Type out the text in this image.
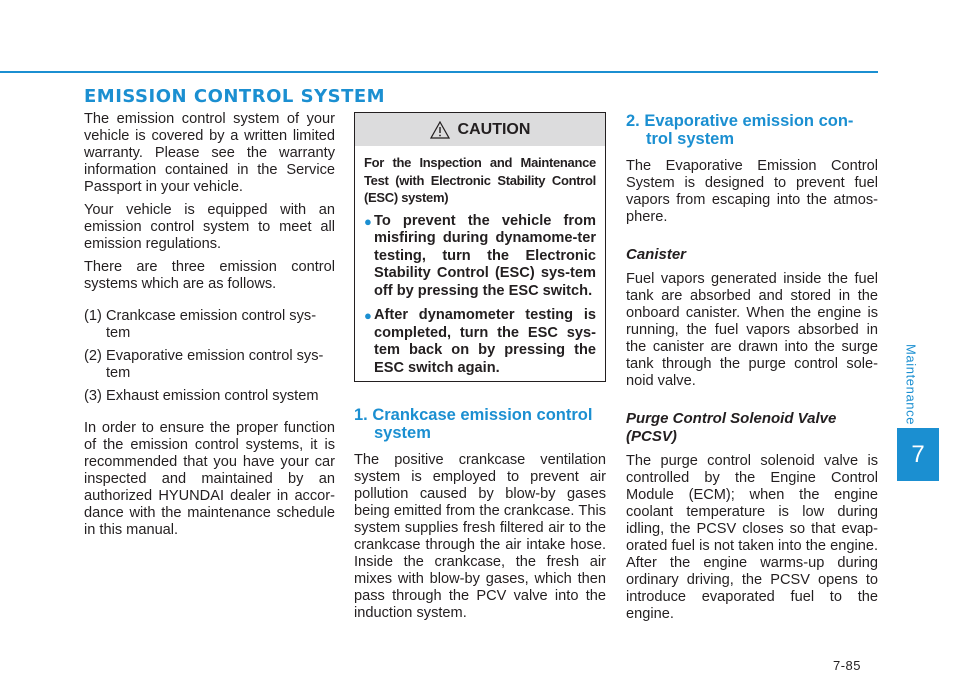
EMISSION CONTROL SYSTEM

The emission control system of your vehicle is covered by a written limited warranty. Please see the warranty information contained in the Service Passport in your vehicle.

Your vehicle is equipped with an emission control system to meet all emission regulations.

There are three emission control systems which are as follows.

(1) Crankcase emission control sys-tem
(2) Evaporative emission control sys-tem
(3) Exhaust emission control system

In order to ensure the proper function of the emission control systems, it is recommended that you have your car inspected and maintained by an authorized HYUNDAI dealer in accor-dance with the maintenance schedule in this manual.

CAUTION

For the Inspection and Maintenance Test (with Electronic Stability Control (ESC) system)

● To prevent the vehicle from misfiring during dynamome-ter testing, turn the Electronic Stability Control (ESC) sys-tem off by pressing the ESC switch.
● After dynamometer testing is completed, turn the ESC sys-tem back on by pressing the ESC switch again.
1. Crankcase emission control system

The positive crankcase ventilation system is employed to prevent air pollution caused by blow-by gases being emitted from the crankcase. This system supplies fresh filtered air to the crankcase through the air intake hose. Inside the crankcase, the fresh air mixes with blow-by gases, which then pass through the PCV valve into the induction system.

2. Evaporative emission con-trol system

The Evaporative Emission Control System is designed to prevent fuel vapors from escaping into the atmos-phere.

Canister

Fuel vapors generated inside the fuel tank are absorbed and stored in the onboard canister. When the engine is running, the fuel vapors absorbed in the canister are drawn into the surge tank through the purge control sole-noid valve.

Purge Control Solenoid Valve (PCSV)

The purge control solenoid valve is controlled by the Engine Control Module (ECM); when the engine coolant temperature is low during idling, the PCSV closes so that evap-orated fuel is not taken into the engine. After the engine warms-up during ordinary driving, the PCSV opens to introduce evaporated fuel to the engine.

Maintenance
7
7-85
